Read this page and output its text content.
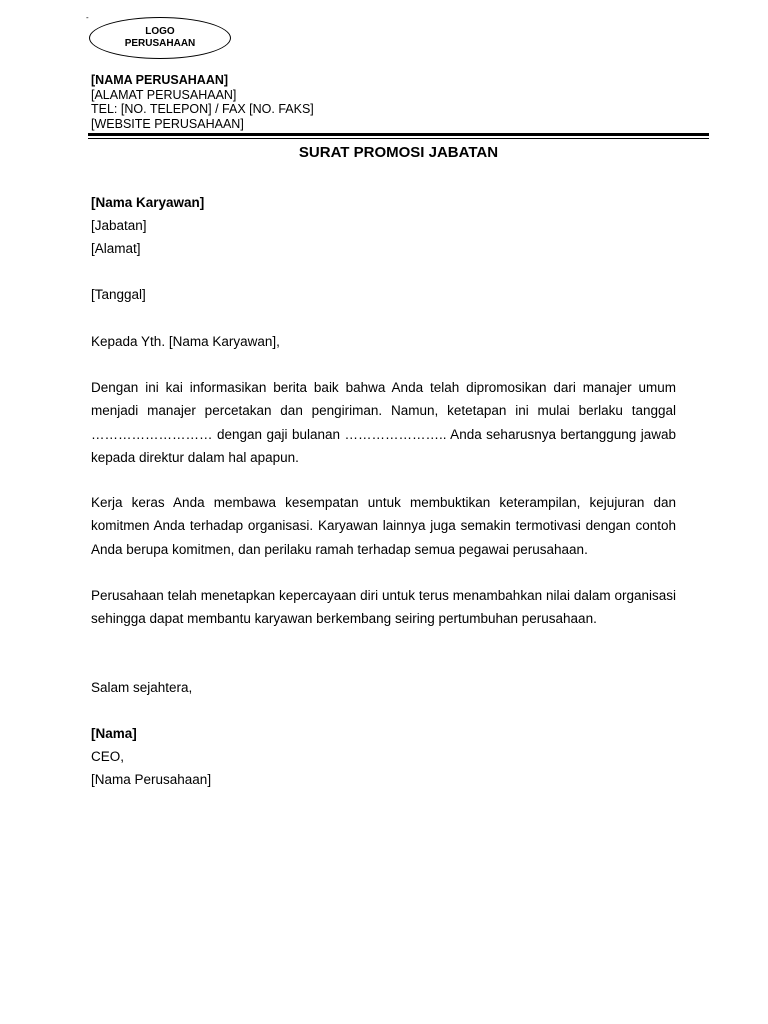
-
LOGO
PERUSAHAAN
[NAMA PERUSAHAAN]
[ALAMAT PERUSAHAAN]
TEL: [NO. TELEPON] / FAX [NO. FAKS]
[WEBSITE PERUSAHAAN]
SURAT PROMOSI JABATAN
[Nama Karyawan]
[Jabatan]
[Alamat]
[Tanggal]
Kepada Yth. [Nama Karyawan],
Dengan ini kai informasikan berita baik bahwa Anda telah dipromosikan dari manajer umum menjadi manajer percetakan dan pengiriman. Namun, ketetapan ini mulai berlaku tanggal ……………………… dengan gaji bulanan ………………….. Anda seharusnya bertanggung jawab kepada direktur dalam hal apapun.
Kerja keras Anda membawa kesempatan untuk membuktikan keterampilan, kejujuran dan komitmen Anda terhadap organisasi. Karyawan lainnya juga semakin termotivasi dengan contoh Anda berupa komitmen, dan perilaku ramah terhadap semua pegawai perusahaan.
Perusahaan telah menetapkan kepercayaan diri untuk terus menambahkan nilai dalam organisasi sehingga dapat membantu karyawan berkembang seiring pertumbuhan perusahaan.
Salam sejahtera,
[Nama]
CEO,
[Nama Perusahaan]
